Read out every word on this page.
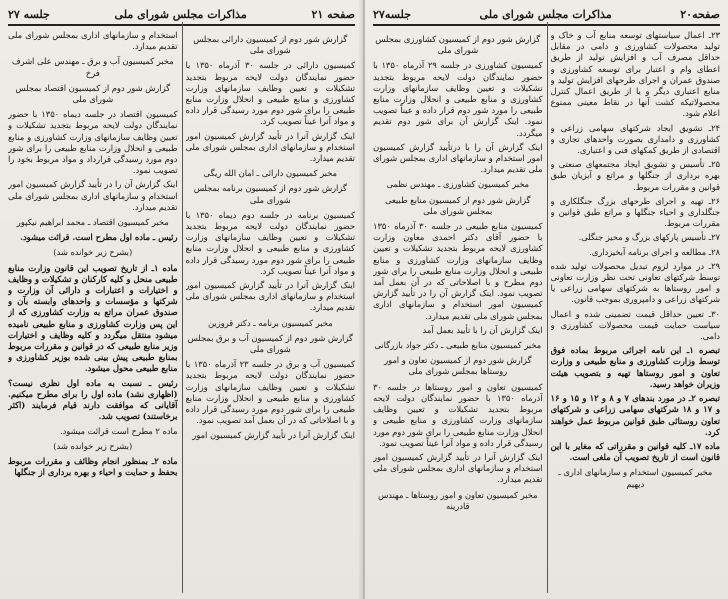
صفحه۲۰
مذاکرات مجلس شورای ملی
جلسه۲۷

۲۳ـ اعمال سیاستهای توسعه منابع آب و خاک و تولید محصولات کشاورزی و دامی در مقابل حداقل مصرف آب و افزایش تولید از طریق اعطای وام و اعتبار برای توسعه کشاورزی و صندوق عمران و اجرای طرحهای افزایش تولید و منابع اعتباری دیگر و یا از طریق اعمال کنترل محصولاتیکه کشت آنها در نقاط معینی ممنوع اعلام شود.

۲۴ـ تشویق ایجاد شرکتهای سهامی زراعی و کشاورزی و دامداری بصورت واحدهای تجاری و اقتصادی از طریق کمکهای فنی و اعتباری.

۲۵ـ تأسیس و تشویق ایجاد مجتمعهای صنعتی و بهره برداری از جنگلها و مراتع و آبزیان طبق قوانین و مقررات مربوط.

۲۶ـ تهیه و اجرای طرحهای بزرگ جنگلکاری و جنگلداری و احیاء جنگلها و مراتع طبق قوانین و مقررات مربوط.

۲۷ـ تأسیس پارکهای بزرگ و محیز جنگلی.

۲۸ـ مطالعه و اجرای برنامه آبخیزداری.

۲۹ـ در موارد لزوم تبدیل محصولات تولید شده توسط شرکتهای تعاونی تحت نظر وزارت تعاونی و امور روستاها به شرکتهای سهامی زراعی یا شرکتهای زراعی و دامپروری بموجب قانون.

۳۰ـ تعیین حداقل قیمت تضمینی شده و اعمال سیاست حمایت قیمت محصولات کشاورزی و دامی.

تبصره ۱ـ این نامه اجرائی مربوط بماده فوق توسط وزارت کشاورزی و منابع طبیعی و وزارت تعاون و امور روستاها تهیه و بتصویب هیئت وزیران خواهد رسید.

تبصره ۲ـ در مورد بندهای ۷ و ۸ و ۱۲ و ۱۵ و ۱۶ و ۱۷ و ۱۸ شرکتهای سهامی زراعی و شرکتهای تعاون روستائی طبق قوانین مربوط عمل خواهند کرد.

ماده ۱۷ـ کلیه قوانین و مقرراتی که مغایر با این قانون است از تاریخ تصویب آن ملغی است.

مخبر کمیسیون استخدام و سازمانهای اداری ـ دیهیم

گزارش شور دوم از کمیسیون کشاورزی بمجلس شورای ملی

کمیسیون کشاورزی در جلسه ۲۹ آذرماه ۱۳۵۰ با حضور نمایندگان دولت لایحه مربوط بتجدید تشکیلات و تعیین وظایف سازمانهای وزارت کشاورزی و منابع طبیعی و انحلال وزارت منابع طبیعی را مورد شور دوم قرار داده و عیناً تصویب نمود. اینک گزارش آن برای شور دوم تقدیم میگردد.

اینک گزارش آن را با درتأیید گزارش کمیسیون امور استخدام و سازمانهای اداری بمجلس شورای ملی تقدیم میدارد.

مخبر کمیسیون کشاورزی ـ مهندس نظمی

گزارش شور دوم از کمیسیون منابع طبیعی بمجلس شورای ملی

کمیسیون منابع طبیعی در جلسه ۳۰ آذرماه ۱۳۵۰ با حضور آقای دکتر احمدی معاون وزارت کشاورزی لایحه مربوط بتجدید تشکیلات و تعیین وظایف سازمانهای وزارت کشاورزی و منابع طبیعی و انحلال وزارت منابع طبیعی را برای شور دوم مطرح و با اصلاحاتی که در آن بعمل آمد تصویب نمود. اینک گزارش آن را در تأیید گزارش کمیسیون امور استخدام و سازمانهای اداری بمجلس شورای ملی تقدیم میدارد.

اینک گزارش آن را با تأیید بعمل آمد

مخبر کمیسیون منابع طبیعی ـ دکتر جواد بازرگانی

گزارش شور دوم از کمیسیون تعاون و امور روستاها بمجلس شورای ملی

کمیسیون تعاون و امور روستاها در جلسه ۳۰ آذرماه ۱۳۵۰ با حضور نمایندگان دولت لایحه مربوط بتجدید تشکیلات و تعیین وظایف سازمانهای وزارت کشاورزی و منابع طبیعی و انحلال وزارت منابع طبیعی را برای شور دوم مورد رسیدگی قرار داده و مواد آنرا عیناً تصویب نمود.

اینک گزارش آنرا در تأیید گزارش کمیسیون امور استخدام و سازمانهای اداری بمجلس شورای ملی تقدیم میدارد.

مخبر کمیسیون تعاون و امور روستاها ـ مهندس قادرینه

صفحه ۲۱
مذاکرات مجلس شورای ملی
جلسه ۲۷

گزارش شور دوم از کمیسیون دارائی بمجلس شورای ملی

کمیسیون دارائی در جلسه ۳۰ آذرماه ۱۳۵۰ با حضور نمایندگان دولت لایحه مربوط بتجدید تشکیلات و تعیین وظایف سازمانهای وزارت کشاورزی و منابع طبیعی و انحلال وزارت منابع طبیعی را برای شور دوم مورد رسیدگی قرار داده و مواد آنرا عیناً تصویب کرد.

اینک گزارش آنرا در تأیید گزارش کمیسیون امور استخدام و سازمانهای اداری بمجلس شورای ملی تقدیم میدارد.

مخبر کمیسیون دارائی ـ امان الله ریگی

گزارش شور دوم از کمیسیون برنامه بمجلس شورای ملی

کمیسیون برنامه در جلسه دوم دیماه ۱۳۵۰ با حضور نمایندگان دولت لایحه مربوط بتجدید تشکیلات و تعیین وظایف سازمانهای وزارت کشاورزی و منابع طبیعی و انحلال وزارت منابع طبیعی را برای شور دوم مورد رسیدگی قرار داده و مواد آنرا عیناً تصویب کرد.

اینک گزارش آنرا در تأیید گزارش کمیسیون امور استخدام و سازمانهای اداری بمجلس شورای ملی تقدیم میدارد.

مخبر کمیسیون برنامه ـ دکتر قروزین

گزارش شور دوم از کمیسیون آب و برق بمجلس شورای ملی

کمیسیون آب و برق در جلسه ۲۳ آذرماه ۱۳۵۰ با حضور نمایندگان دولت لایحه مربوط بتجدید تشکیلات و تعیین وظایف سازمانهای وزارت کشاورزی و منابع طبیعی و انحلال وزارت منابع طبیعی را برای شور دوم مورد رسیدگی قرار داده و با اصلاحاتی که در آن بعمل آمد تصویب نمود.

اینک گزارش آنرا در تأیید گزارش کمیسیون امور

استخدام و سازمانهای اداری بمجلس شورای ملی تقدیم میدارد.

مخبر کمیسیون آب و برق ـ مهندس علی اشرف فرخ

گزارش شور دوم از کمیسیون اقتصاد بمجلس شورای ملی

کمیسیون اقتصاد در جلسه دیماه ۱۳۵۰ با حضور نمایندگان دولت لایحه مربوط بتجدید تشکیلات و تعیین وظایف سازمانهای وزارت کشاورزی و منابع طبیعی و انحلال وزارت منابع طبیعی را برای شور دوم مورد رسیدگی قرارداد و مواد مربوط بخود را تصویب نمود.

اینک گزارش آن را در تأیید گزارش کمیسیون امور استخدام و سازمانهای اداری بمجلس شورای ملی تقدیم میدارد.

مخبر کمیسیون اقتصاد ـ محمد ابراهیم نیکپور

رئیس ـ ماده اول مطرح است. قرائت میشود.

(بشرح زیر خوانده شد)

ماده ۱ـ از تاریخ تصویب این قانون وزارت منابع طبیعی منحل و کلیه کارکنان و تشکیلات و وظایف و اختیارات و اعتبارات و دارائی آن وزارت و شرکتها و مؤسسات و واحدهای وابسته بآن و صندوق عمران مراتع به وزارت کشاورزی که از این پس وزارت کشاورزی و منابع طبیعی نامیده میشود منتقل میگردد و کلیه وظایف و اختیارات وزیر منابع طبیعی که در قوانین و مقررات مربوط بمنابع طبیعی پیش بینی شده بوزیر کشاورزی و منابع طبیعی محول میشود.

رئیس ـ نسبت به ماده اول نظری نیست؟ (اظهاری نشد) ماده اول را برای مطرح میکنیم. آقایانی که موافقت دارند قیام فرمایند (اکثر برخاستند) تصویب شد.

ماده ۲ مطرح است قرائت میشود.

(بشرح زیر خوانده شد)

ماده ۲ـ بمنظور انجام وظائف و مقررات مربوط بحفظ و حمایت و احیاء و بهره برداری از جنگلها
